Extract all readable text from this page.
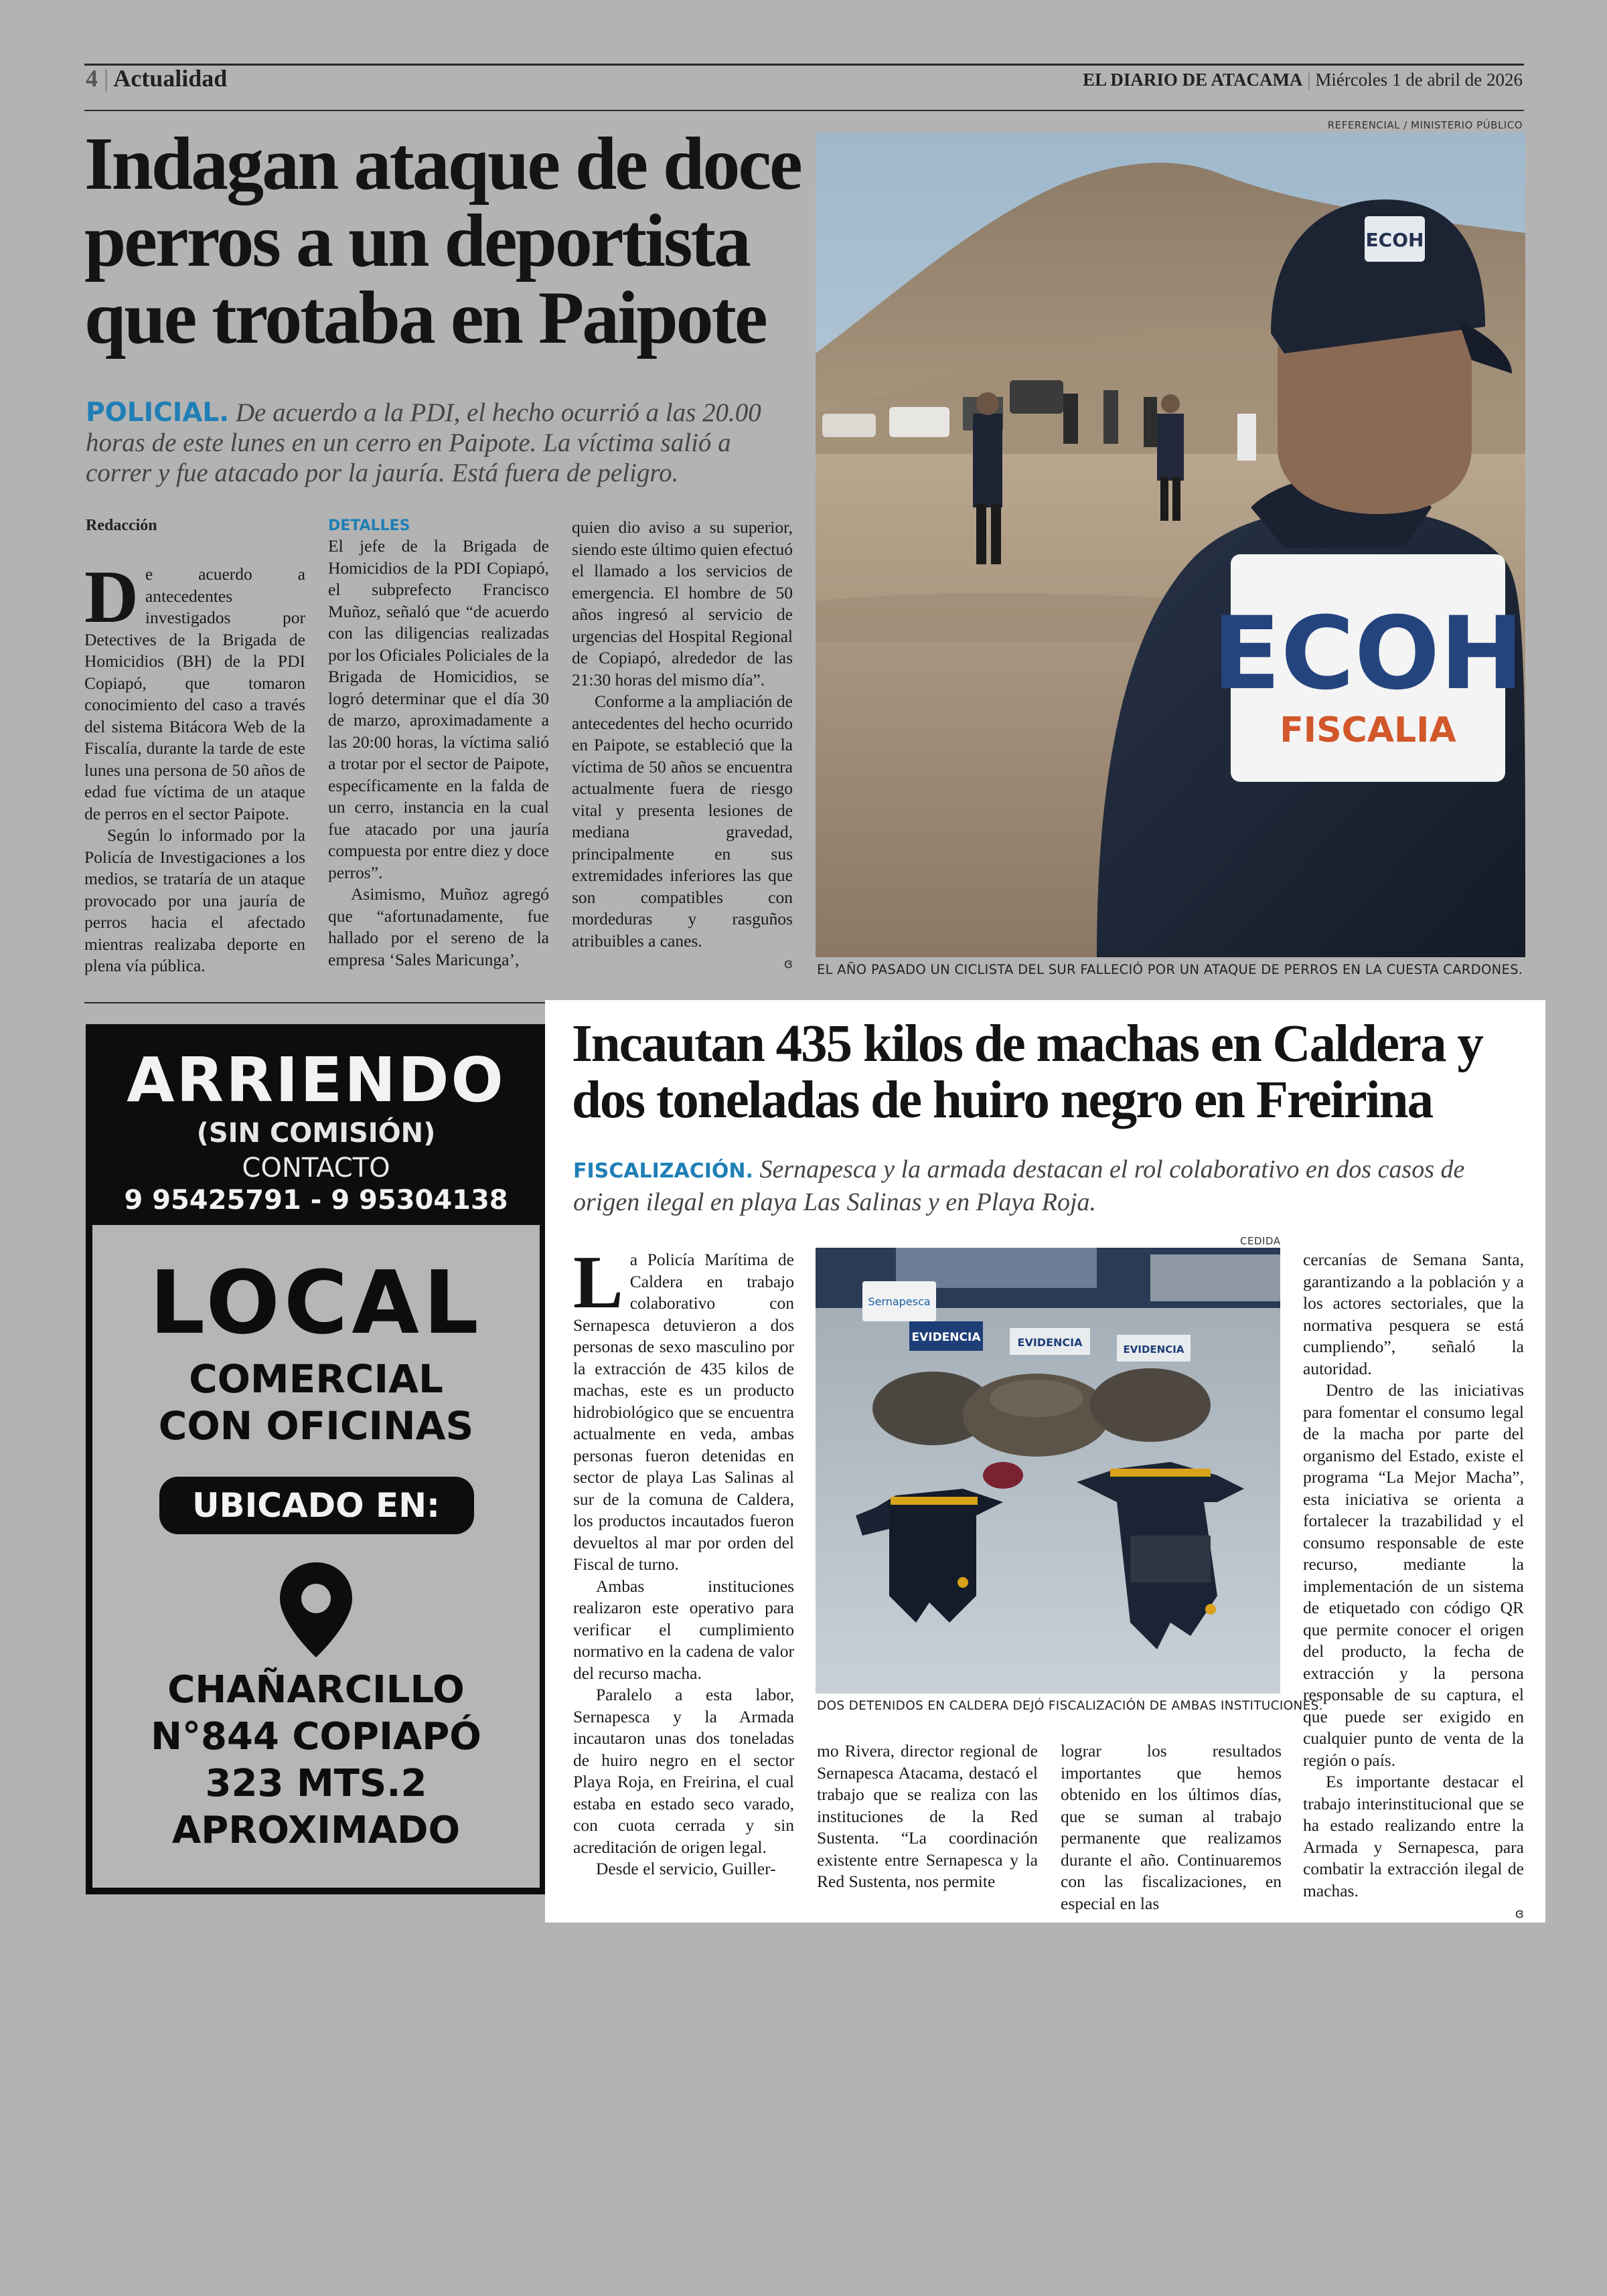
4 | Actualidad	EL DIARIO DE ATACAMA | Miércoles 1 de abril de 2026
Indagan ataque de doce perros a un deportista que trotaba en Paipote
POLICIAL. De acuerdo a la PDI, el hecho ocurrió a las 20.00 horas de este lunes en un cerro en Paipote. La víctima salió a correr y fue atacado por la jauría. Está fuera de peligro.
Redacción

De acuerdo a antecedentes investigados por Detectives de la Brigada de Homicidios (BH) de la PDI Copiapó, que tomaron conocimiento del caso a través del sistema Bitácora Web de la Fiscalía, durante la tarde de este lunes una persona de 50 años de edad fue víctima de un ataque de perros en el sector Paipote.

Según lo informado por la Policía de Investigaciones a los medios, se trataría de un ataque provocado por una jauría de perros hacia el afectado mientras realizaba deporte en plena vía pública.

DETALLES

El jefe de la Brigada de Homicidios de la PDI Copiapó, el subprefecto Francisco Muñoz, señaló que “de acuerdo con las diligencias realizadas por los Oficiales Policiales de la Brigada de Homicidios, se logró determinar que el día 30 de marzo, aproximadamente a las 20:00 horas, la víctima salió a trotar por el sector de Paipote, específicamente en la falda de un cerro, instancia en la cual fue atacado por una jauría compuesta por entre diez y doce perros”.

Asimismo, Muñoz agregó que “afortunadamente, fue hallado por el sereno de la empresa ‘Sales Maricunga’,

quien dio aviso a su superior, siendo este último quien efectuó el llamado a los servicios de emergencia. El hombre de 50 años ingresó al servicio de urgencias del Hospital Regional de Copiapó, alrededor de las 21:30 horas del mismo día”.

Conforme a la ampliación de antecedentes del hecho ocurrido en Paipote, se estableció que la víctima de 50 años se encuentra actualmente fuera de riesgo vital y presenta lesiones de mediana gravedad, principalmente en sus extremidades inferiores las que son compatibles con mordeduras y rasguños atribuibles a canes.

ɞ
REFERENCIAL / MINISTERIO PÚBLICO
ECOH
ECOH
FISCALIA
EL AÑO PASADO UN CICLISTA DEL SUR FALLECIÓ POR UN ATAQUE DE PERROS EN LA CUESTA CARDONES.
ARRIENDO
(SIN COMISIÓN)
CONTACTO
9 95425791 - 9 95304138
LOCAL
COMERCIAL
CON OFICINAS
UBICADO EN:
CHAÑARCILLO
N°844 COPIAPÓ
323 MTS.2
APROXIMADO
Incautan 435 kilos de machas en Caldera y dos toneladas de huiro negro en Freirina
FISCALIZACIÓN. Sernapesca y la armada destacan el rol colaborativo en dos casos de origen ilegal en playa Las Salinas y en Playa Roja.

La Policía Marítima de Caldera en trabajo colaborativo con Sernapesca detuvieron a dos personas de sexo masculino por la extracción de 435 kilos de machas, este es un producto hidrobiológico que se encuentra actualmente en veda, ambas personas fueron detenidas en sector de playa Las Salinas al sur de la comuna de Caldera, los productos incautados fueron devueltos al mar por orden del Fiscal de turno.

Ambas instituciones realizaron este operativo para verificar el cumplimiento normativo en la cadena de valor del recurso macha.

Paralelo a esta labor, Sernapesca y la Armada incautaron unas dos toneladas de huiro negro en el sector Playa Roja, en Freirina, el cual estaba en estado seco varado, con cuota cerrada y sin acreditación de origen legal.

Desde el servicio, Guiller-

CEDIDA
Sernapesca
EVIDENCIA	EVIDENCIA
EVIDENCIA
DOS DETENIDOS EN CALDERA DEJÓ FISCALIZACIÓN DE AMBAS INSTITUCIONES.

mo Rivera, director regional de Sernapesca Atacama, destacó el trabajo que se realiza con las instituciones de la Red Sustenta. “La coordinación existente entre Sernapesca y la Red Sustenta, nos permite

lograr los resultados importantes que hemos obtenido en los últimos días, que se suman al trabajo permanente que realizamos durante el año. Continuaremos con las fiscalizaciones, en especial en las

cercanías de Semana Santa, garantizando a la población y a los actores sectoriales, que la normativa pesquera se está cumpliendo”, señaló la autoridad.

Dentro de las iniciativas para fomentar el consumo legal de la macha por parte del organismo del Estado, existe el programa “La Mejor Macha”, esta iniciativa se orienta a fortalecer la trazabilidad y el consumo responsable de este recurso, mediante la implementación de un sistema de etiquetado con código QR que permite conocer el origen del producto, la fecha de extracción y la persona responsable de su captura, el que puede ser exigido en cualquier punto de venta de la región o país.

Es importante destacar el trabajo interinstitucional que se ha estado realizando entre la Armada y Sernapesca, para combatir la extracción ilegal de machas.

ɞ
